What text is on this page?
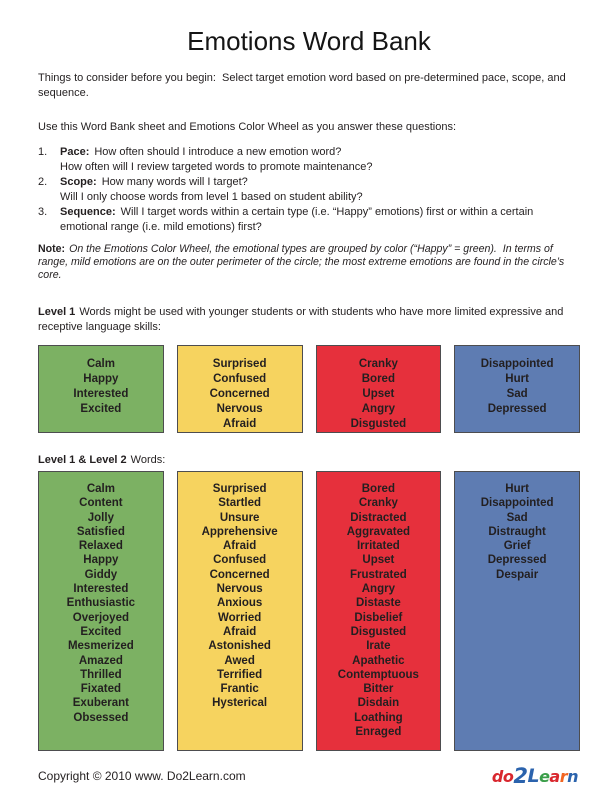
Emotions Word Bank

Things to consider before you begin:  Select target emotion word based on pre-determined pace, scope, and sequence.

Use this Word Bank sheet and Emotions Color Wheel as you answer these questions:

1.	Pace: How often should I introduce a new emotion word?
How often will I review targeted words to promote maintenance?
2.	Scope: How many words will I target?
Will I only choose words from level 1 based on student ability?
3.	Sequence: Will I target words within a certain type (i.e. “Happy” emotions) first or within a certain emotional range (i.e. mild emotions) first?

Note: On the Emotions Color Wheel, the emotional types are grouped by color (“Happy” = green).  In terms of range, mild emotions are on the outer perimeter of the circle; the most extreme emotions are found in the circle’s core.

Level 1 Words might be used with younger students or with students who have more limited expressive and receptive language skills:

Calm
Happy
Interested
Excited
Surprised
Confused
Concerned
Nervous
Afraid
Cranky
Bored
Upset
Angry
Disgusted
Disappointed
Hurt
Sad
Depressed

Level 1 & Level 2 Words:

Calm
Content
Jolly
Satisfied
Relaxed
Happy
Giddy
Interested
Enthusiastic
Overjoyed
Excited
Mesmerized
Amazed
Thrilled
Fixated
Exuberant
Obsessed
Surprised
Startled
Unsure
Apprehensive
Afraid
Confused
Concerned
Nervous
Anxious
Worried
Afraid
Astonished
Awed
Terrified
Frantic
Hysterical
Bored
Cranky
Distracted
Aggravated
Irritated
Upset
Frustrated
Angry
Distaste
Disbelief
Disgusted
Irate
Apathetic
Contemptuous
Bitter
Disdain
Loathing
Enraged
Hurt
Disappointed
Sad
Distraught
Grief
Depressed
Despair
Copyright © 2010 www. Do2Learn.com	do2Learn
